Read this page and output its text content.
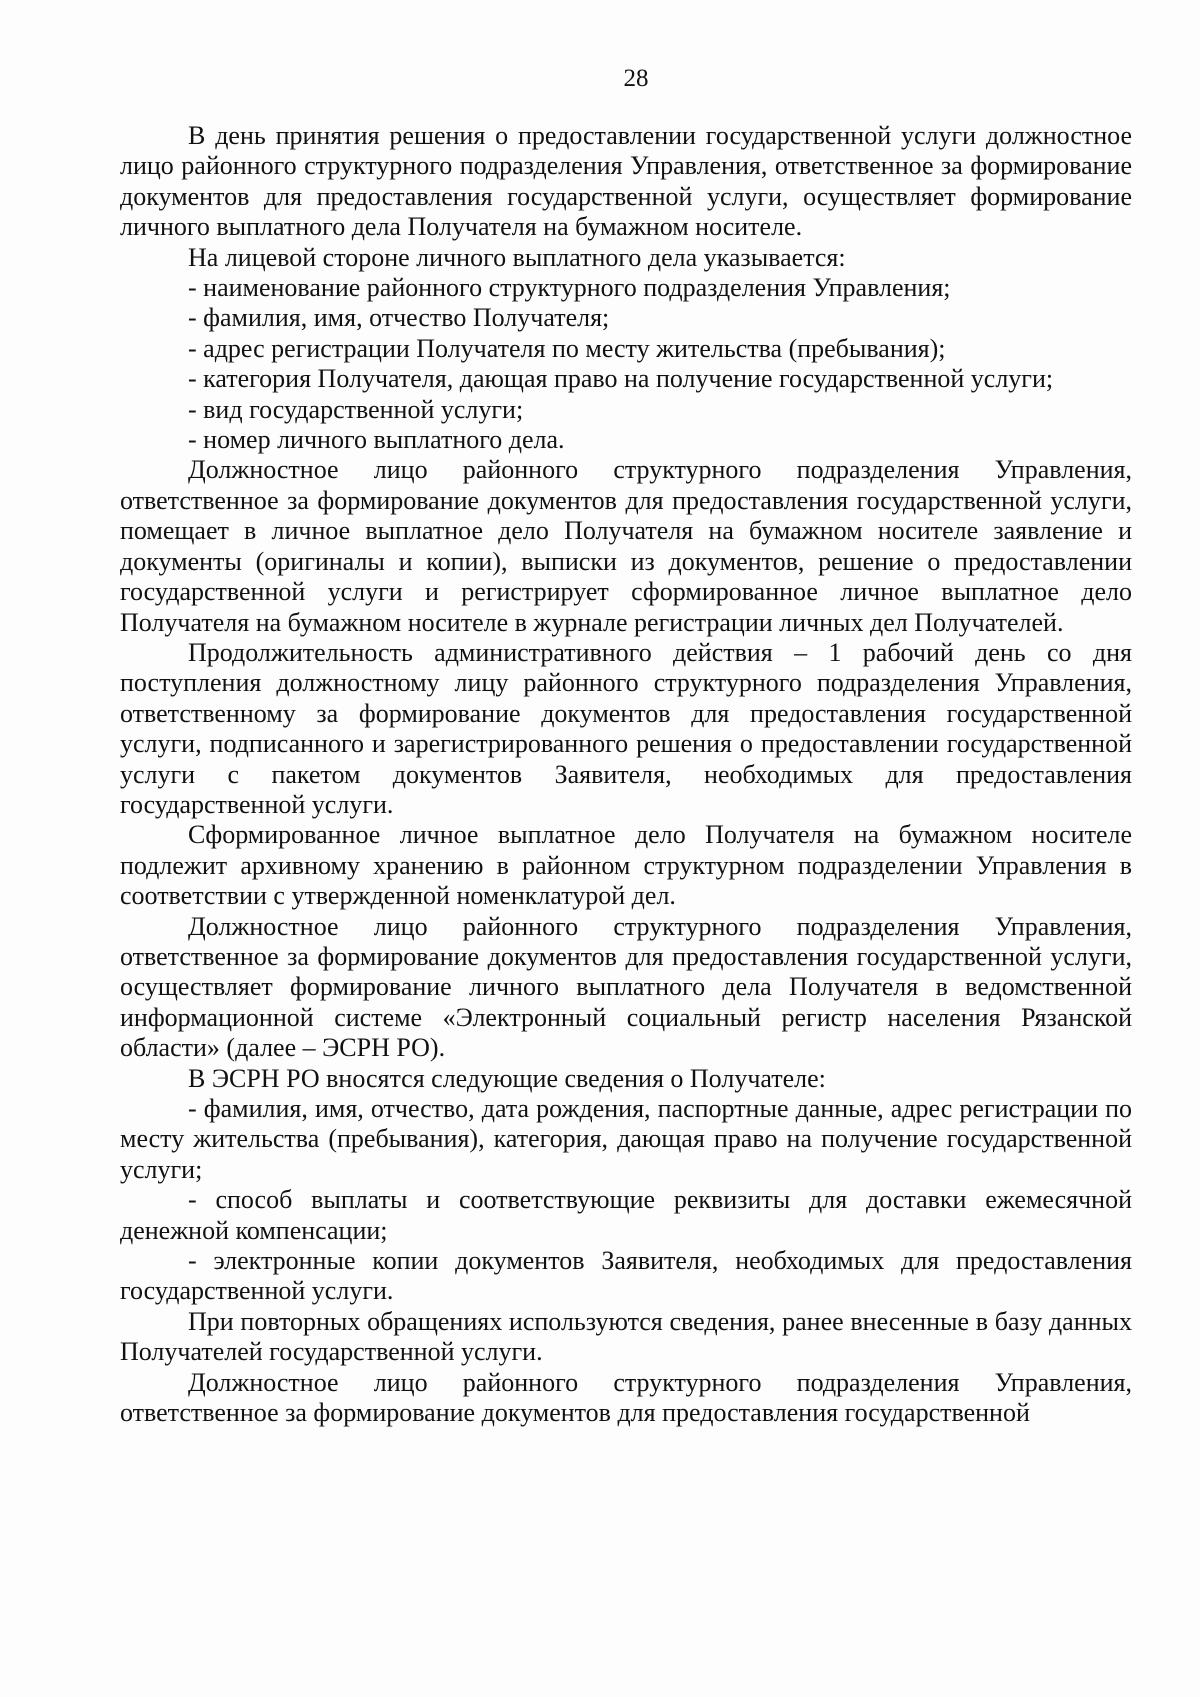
28

В день принятия решения о предоставлении государственной услуги должностное лицо районного структурного подразделения Управления, ответственное за формирование документов для предоставления государственной услуги, осуществляет формирование личного выплатного дела Получателя на бумажном носителе.

На лицевой стороне личного выплатного дела указывается:

- наименование районного структурного подразделения Управления;

- фамилия, имя, отчество Получателя;

- адрес регистрации Получателя по месту жительства (пребывания);

- категория Получателя, дающая право на получение государственной услуги;

- вид государственной услуги;

- номер личного выплатного дела.

Должностное лицо районного структурного подразделения Управления, ответственное за формирование документов для предоставления государственной услуги, помещает в личное выплатное дело Получателя на бумажном носителе заявление и документы (оригиналы и копии), выписки из документов, решение о предоставлении государственной услуги и регистрирует сформированное личное выплатное дело Получателя на бумажном носителе в журнале регистрации личных дел Получателей.

Продолжительность административного действия – 1 рабочий день со дня поступления должностному лицу районного структурного подразделения Управления, ответственному за формирование документов для предоставления государственной услуги, подписанного и зарегистрированного решения о предоставлении государственной услуги с пакетом документов Заявителя, необходимых для предоставления государственной услуги.

Сформированное личное выплатное дело Получателя на бумажном носителе подлежит архивному хранению в районном структурном подразделении Управления в соответствии с утвержденной номенклатурой дел.

Должностное лицо районного структурного подразделения Управления, ответственное за формирование документов для предоставления государственной услуги, осуществляет формирование личного выплатного дела Получателя в ведомственной информационной системе «Электронный социальный регистр населения Рязанской области» (далее – ЭСРН РО).

В ЭСРН РО вносятся следующие сведения о Получателе:

- фамилия, имя, отчество, дата рождения, паспортные данные, адрес регистрации по месту жительства (пребывания), категория, дающая право на получение государственной услуги;

- способ выплаты и соответствующие реквизиты для доставки ежемесячной денежной компенсации;

- электронные копии документов Заявителя, необходимых для предоставления государственной услуги.

При повторных обращениях используются сведения, ранее внесенные в базу данных Получателей государственной услуги.

Должностное лицо районного структурного подразделения Управления, ответственное за формирование документов для предоставления государственной
